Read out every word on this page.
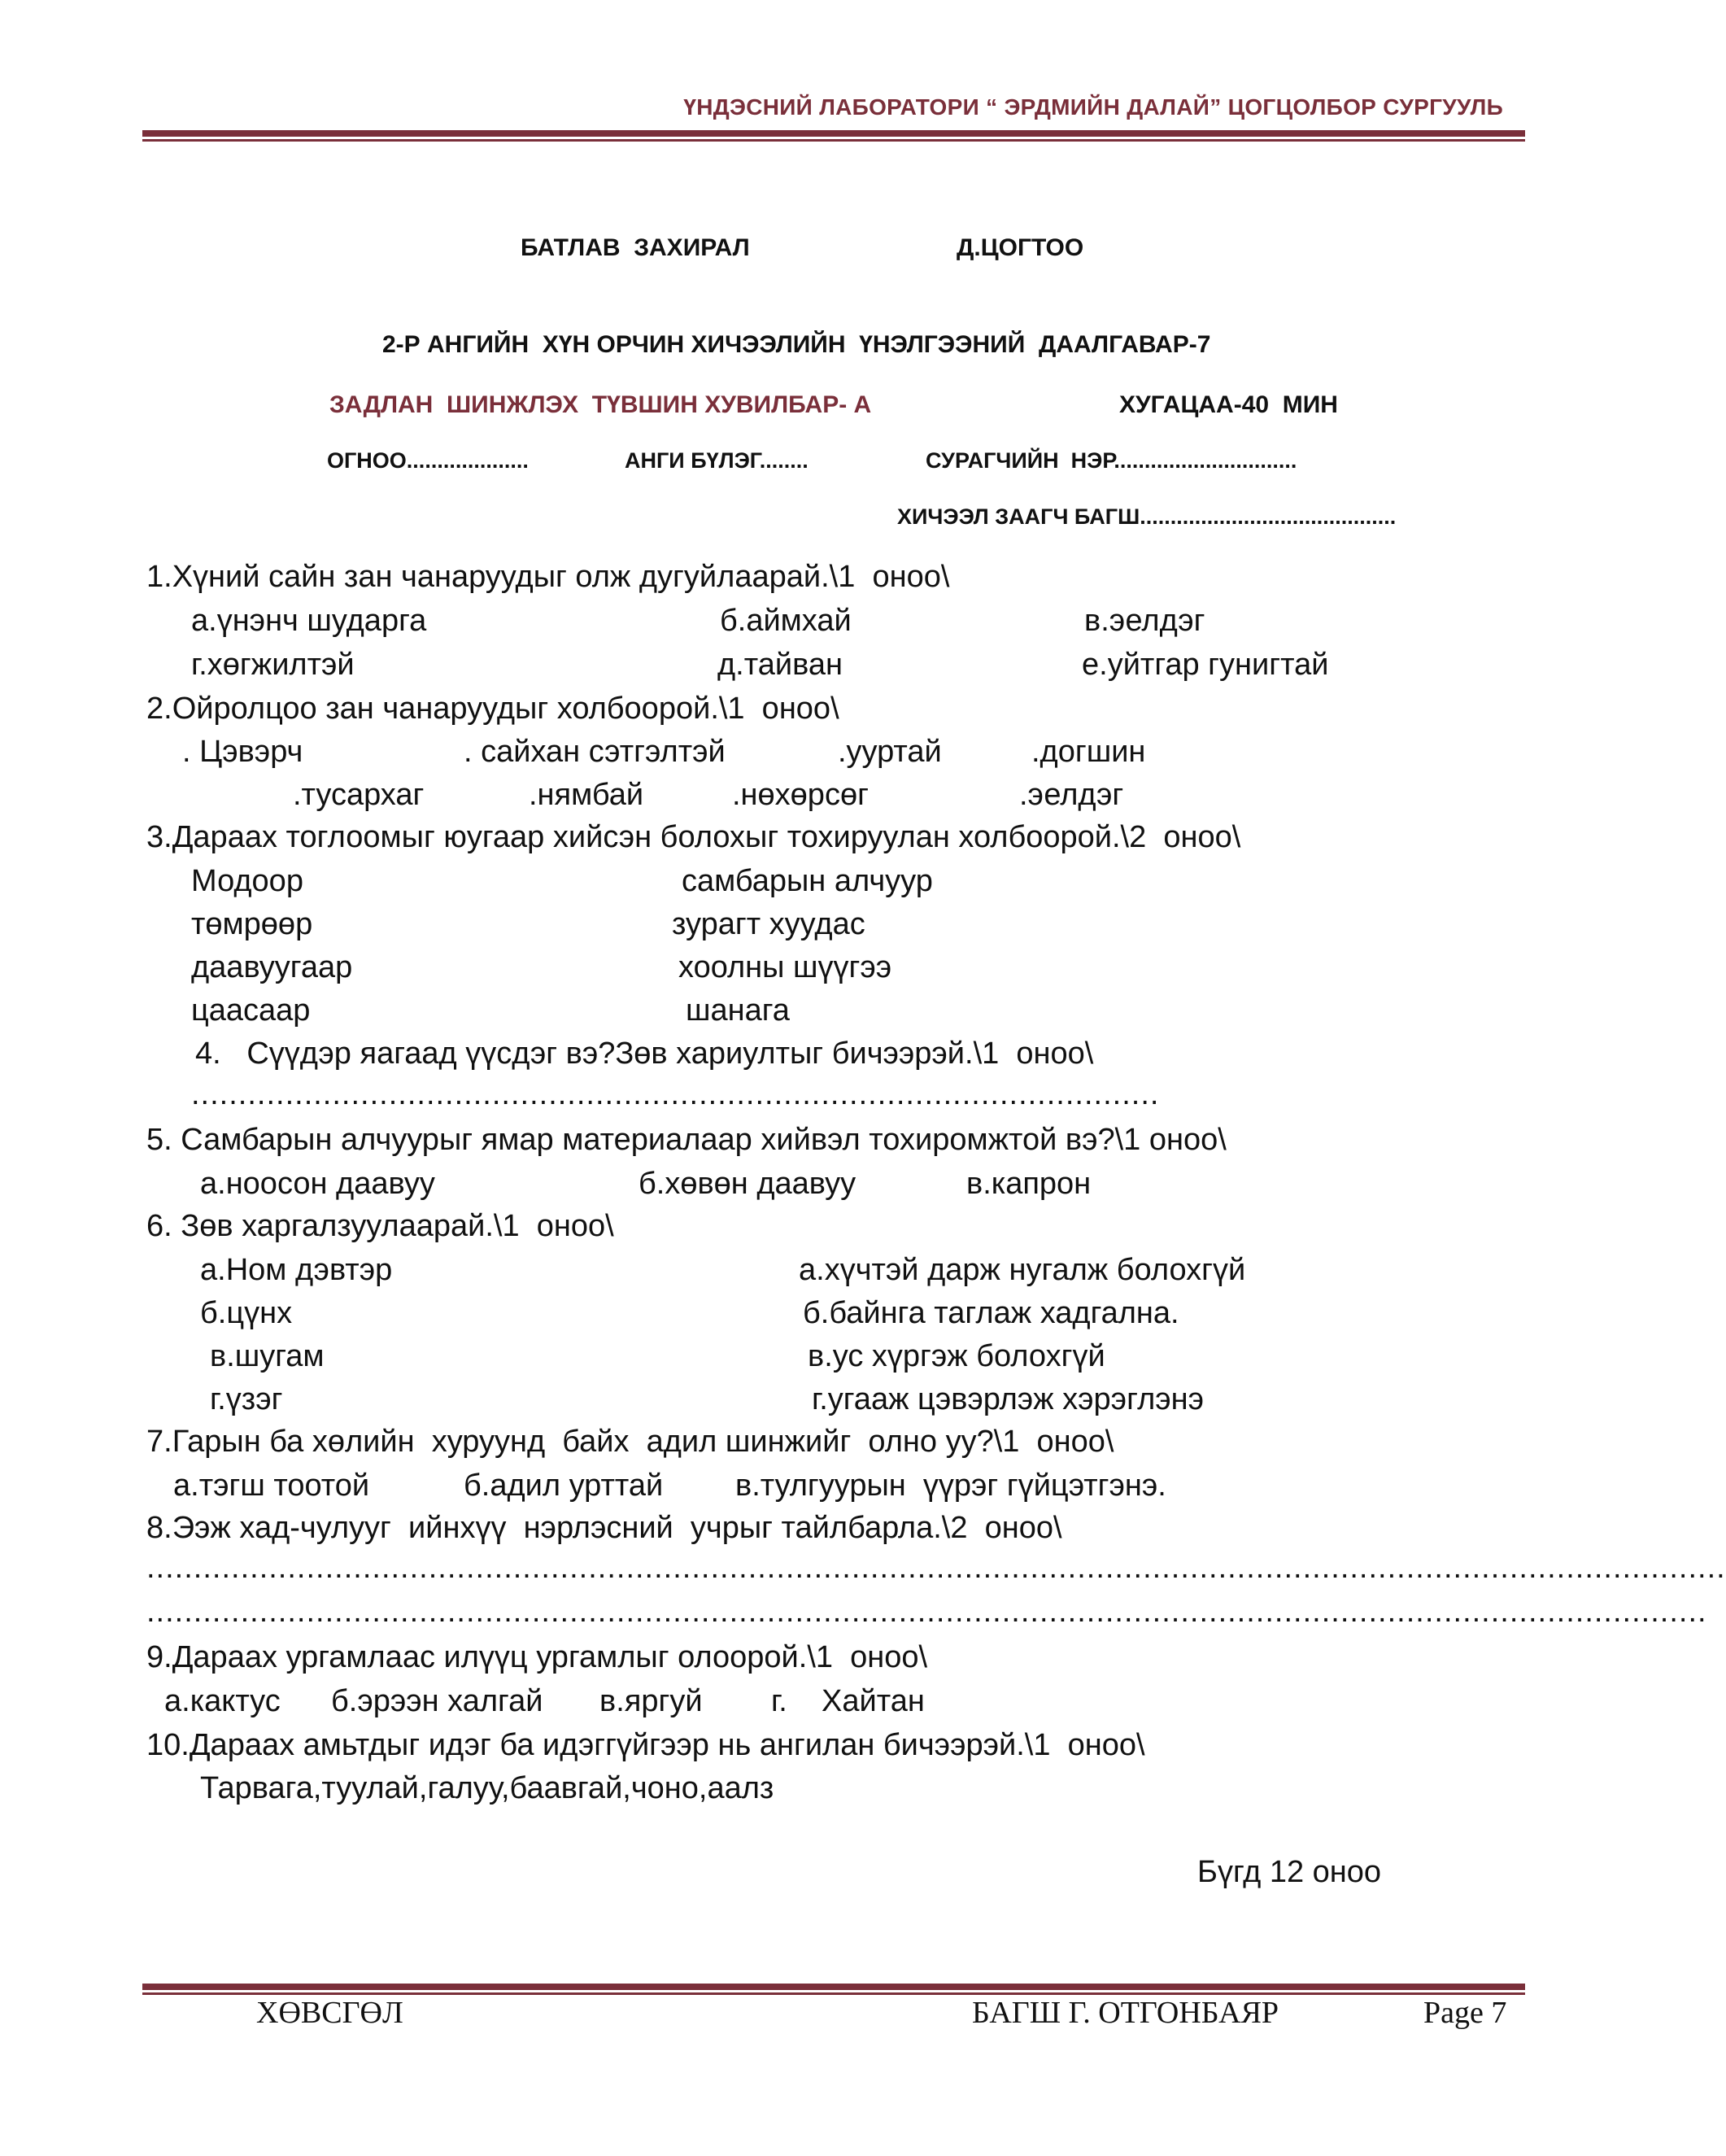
ҮНДЭСНИЙ ЛАБОРАТОРИ “ ЭРДМИЙН ДАЛАЙ” ЦОГЦОЛБОР СУРГУУЛЬ
БАТЛАВ  ЗАХИРАЛ	Д.ЦОГТОО
2-Р АНГИЙН  ХҮН ОРЧИН ХИЧЭЭЛИЙН  ҮНЭЛГЭЭНИЙ  ДААЛГАВАР-7
ЗАДЛАН  ШИНЖЛЭХ  ТҮВШИН ХУВИЛБАР- А	ХУГАЦАА-40  МИН
ОГНОО....................	АНГИ БҮЛЭГ........	СУРАГЧИЙН  НЭР..............................
ХИЧЭЭЛ ЗААГЧ БАГШ..........................................
1.Хүний сайн зан чанаруудыг олж дугуйлаарай.\1  оноо\
а.үнэнч шударга	б.аймхай	в.эелдэг
г.хөгжилтэй	д.тайван	е.уйтгар гунигтай
2.Ойролцоо зан чанаруудыг холбоорой.\1  оноо\
. Цэвэрч	. сайхан сэтгэлтэй	.ууртай	.догшин
.тусархаг	.нямбай	.нөхөрсөг	.эелдэг
3.Дараах тоглоомыг юугаар хийсэн болохыг тохируулан холбоорой.\2  оноо\
Модоор	самбарын алчуур
төмрөөр	зурагт хуудас
даавуугаар	хоолны шүүгээ
цаасаар	шанага
4.   Сүүдэр яагаад үүсдэг вэ?Зөв хариултыг бичээрэй.\1  оноо\
.......................................................................................................
5. Самбарын алчуурыг ямар материалаар хийвэл тохиромжтой вэ?\1 оноо\
а.ноосон даавуу	б.хөвөн даавуу	в.капрон
6. Зөв харгалзуулаарай.\1  оноо\
а.Ном дэвтэр	а.хүчтэй дарж нугалж болохгүй
б.цүнх	б.байнга таглаж хадгална.
в.шугам	в.ус хүргэж болохгүй
г.үзэг	г.угааж цэвэрлэж хэрэглэнэ
7.Гарын ба хөлийн  хуруунд  байх  адил шинжийг  олно уу?\1  оноо\
а.тэгш тоотой	б.адил урттай в.тулгуурын  үүрэг гүйцэтгэнэ.
8.Ээж хад-чулууг  ийнхүү  нэрлэсний  учрыг тайлбарла.\2  оноо\
........................................................................................................................................................................
......................................................................................................................................................................
9.Дараах ургамлаас илүүц ургамлыг олоорой.\1  оноо\
а.кактус б.эрээн халгай в.яргуй г.    Хайтан
10.Дараах амьтдыг идэг ба идэггүйгээр нь ангилан бичээрэй.\1  оноо\
Тарвага,туулай,галуу,баавгай,чоно,аалз
Бүгд 12 оноо
ХӨВСГӨЛ	БАГШ Г. ОТГОНБАЯР	Page 7
